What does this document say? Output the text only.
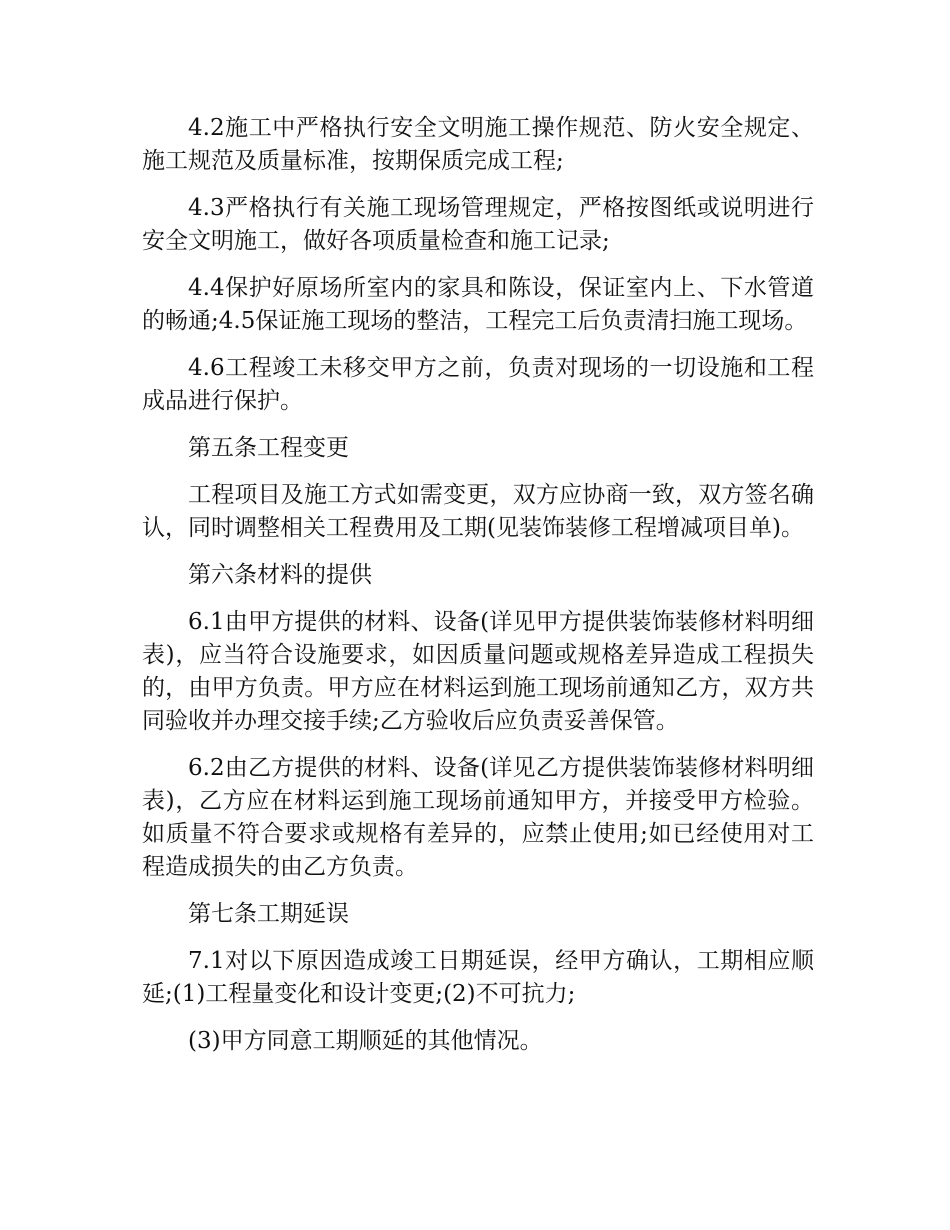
4.2施工中严格执行安全文明施工操作规范、防火安全规定、施工规范及质量标准，按期保质完成工程;

4.3严格执行有关施工现场管理规定，严格按图纸或说明进行安全文明施工，做好各项质量检查和施工记录;

4.4保护好原场所室内的家具和陈设，保证室内上、下水管道的畅通;4.5保证施工现场的整洁，工程完工后负责清扫施工现场。

4.6工程竣工未移交甲方之前，负责对现场的一切设施和工程成品进行保护。

第五条工程变更

工程项目及施工方式如需变更，双方应协商一致，双方签名确认，同时调整相关工程费用及工期(见装饰装修工程增减项目单)。

第六条材料的提供

6.1由甲方提供的材料、设备(详见甲方提供装饰装修材料明细表)，应当符合设施要求，如因质量问题或规格差异造成工程损失的，由甲方负责。甲方应在材料运到施工现场前通知乙方，双方共同验收并办理交接手续;乙方验收后应负责妥善保管。

6.2由乙方提供的材料、设备(详见乙方提供装饰装修材料明细表)，乙方应在材料运到施工现场前通知甲方，并接受甲方检验。如质量不符合要求或规格有差异的，应禁止使用;如已经使用对工程造成损失的由乙方负责。

第七条工期延误

7.1对以下原因造成竣工日期延误，经甲方确认，工期相应顺延;(1)工程量变化和设计变更;(2)不可抗力;

(3)甲方同意工期顺延的其他情况。
